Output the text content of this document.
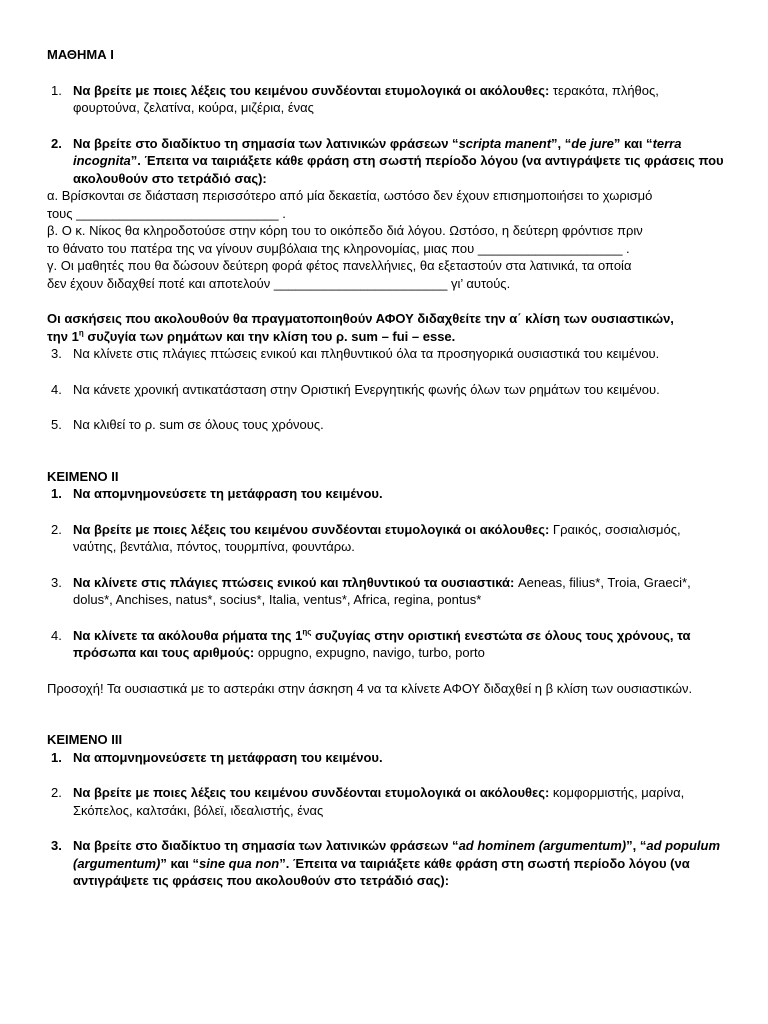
ΜΑΘΗΜΑ Ι

1. Να βρείτε με ποιες λέξεις του κειμένου συνδέονται ετυμολογικά οι ακόλουθες: τερακότα, πλήθος, φουρτούνα, ζελατίνα, κούρα, μιζέρια, ένας
2. Να βρείτε στο διαδίκτυο τη σημασία των λατινικών φράσεων “scripta manent”, “de jure” και “terra incognita”. Έπειτα να ταιριάξετε κάθε φράση στη σωστή περίοδο λόγου (να αντιγράψετε τις φράσεις που ακολουθούν στο τετράδιό σας):

α. Βρίσκονται σε διάσταση περισσότερο από μία δεκαετία, ωστόσο δεν έχουν επισημοποιήσει το χωρισμό

τους ____________________________ .

β. Ο κ. Νίκος θα κληροδοτούσε στην κόρη του το οικόπεδο διά λόγου. Ωστόσο, η δεύτερη φρόντισε πριν

το θάνατο του πατέρα της να γίνουν συμβόλαια της κληρονομίας, μιας που ____________________ .

γ. Οι μαθητές που θα δώσουν δεύτερη φορά φέτος πανελλήνιες, θα εξεταστούν στα λατινικά, τα οποία

δεν έχουν διδαχθεί ποτέ και αποτελούν ________________________ γι’ αυτούς.

Οι ασκήσεις που ακολουθούν θα πραγματοποιηθούν ΑΦΟΥ διδαχθείτε την α΄ κλίση των ουσιαστικών,

την $1^\eta$ συζυγία των ρημάτων και την κλίση του ρ. sum – fui – esse.

3. Να κλίνετε στις πλάγιες πτώσεις ενικού και πληθυντικού όλα τα προσηγορικά ουσιαστικά του κειμένου.
4. Να κάνετε χρονική αντικατάσταση στην Οριστική Ενεργητικής φωνής όλων των ρημάτων του κειμένου.
5. Να κλιθεί το ρ. sum σε όλους τους χρόνους.

ΚΕΙΜΕΝΟ ΙΙ

1. Να απομνημονεύσετε τη μετάφραση του κειμένου.
2. Να βρείτε με ποιες λέξεις του κειμένου συνδέονται ετυμολογικά οι ακόλουθες: Γραικός, σοσιαλισμός, ναύτης, βεντάλια, πόντος, τουρμπίνα, φουντάρω.
3. Να κλίνετε στις πλάγιες πτώσεις ενικού και πληθυντικού τα ουσιαστικά: Aeneas, filius*, Troia, Graeci*, dolus*, Anchises, natus*, socius*, Italia, ventus*, Africa, regina, pontus*
4. Να κλίνετε τα ακόλουθα ρήματα της $1^{\eta\varsigma}$ συζυγίας στην οριστική ενεστώτα σε όλους τους χρόνους, τα πρόσωπα και τους αριθμούς: oppugno, expugno, navigo, turbo, porto

Προσοχή! Τα ουσιαστικά με το αστεράκι στην άσκηση 4 να τα κλίνετε ΑΦΟΥ διδαχθεί η β κλίση των ουσιαστικών.

ΚΕΙΜΕΝΟ ΙΙΙ

1. Να απομνημονεύσετε τη μετάφραση του κειμένου.
2. Να βρείτε με ποιες λέξεις του κειμένου συνδέονται ετυμολογικά οι ακόλουθες: κομφορμιστής, μαρίνα, Σκόπελος, καλτσάκι, βόλεϊ, ιδεαλιστής, ένας
3. Να βρείτε στο διαδίκτυο τη σημασία των λατινικών φράσεων “ad hominem (argumentum)”, “ad populum (argumentum)” και “sine qua non”. Έπειτα να ταιριάξετε κάθε φράση στη σωστή περίοδο λόγου (να αντιγράψετε τις φράσεις που ακολουθούν στο τετράδιό σας):
